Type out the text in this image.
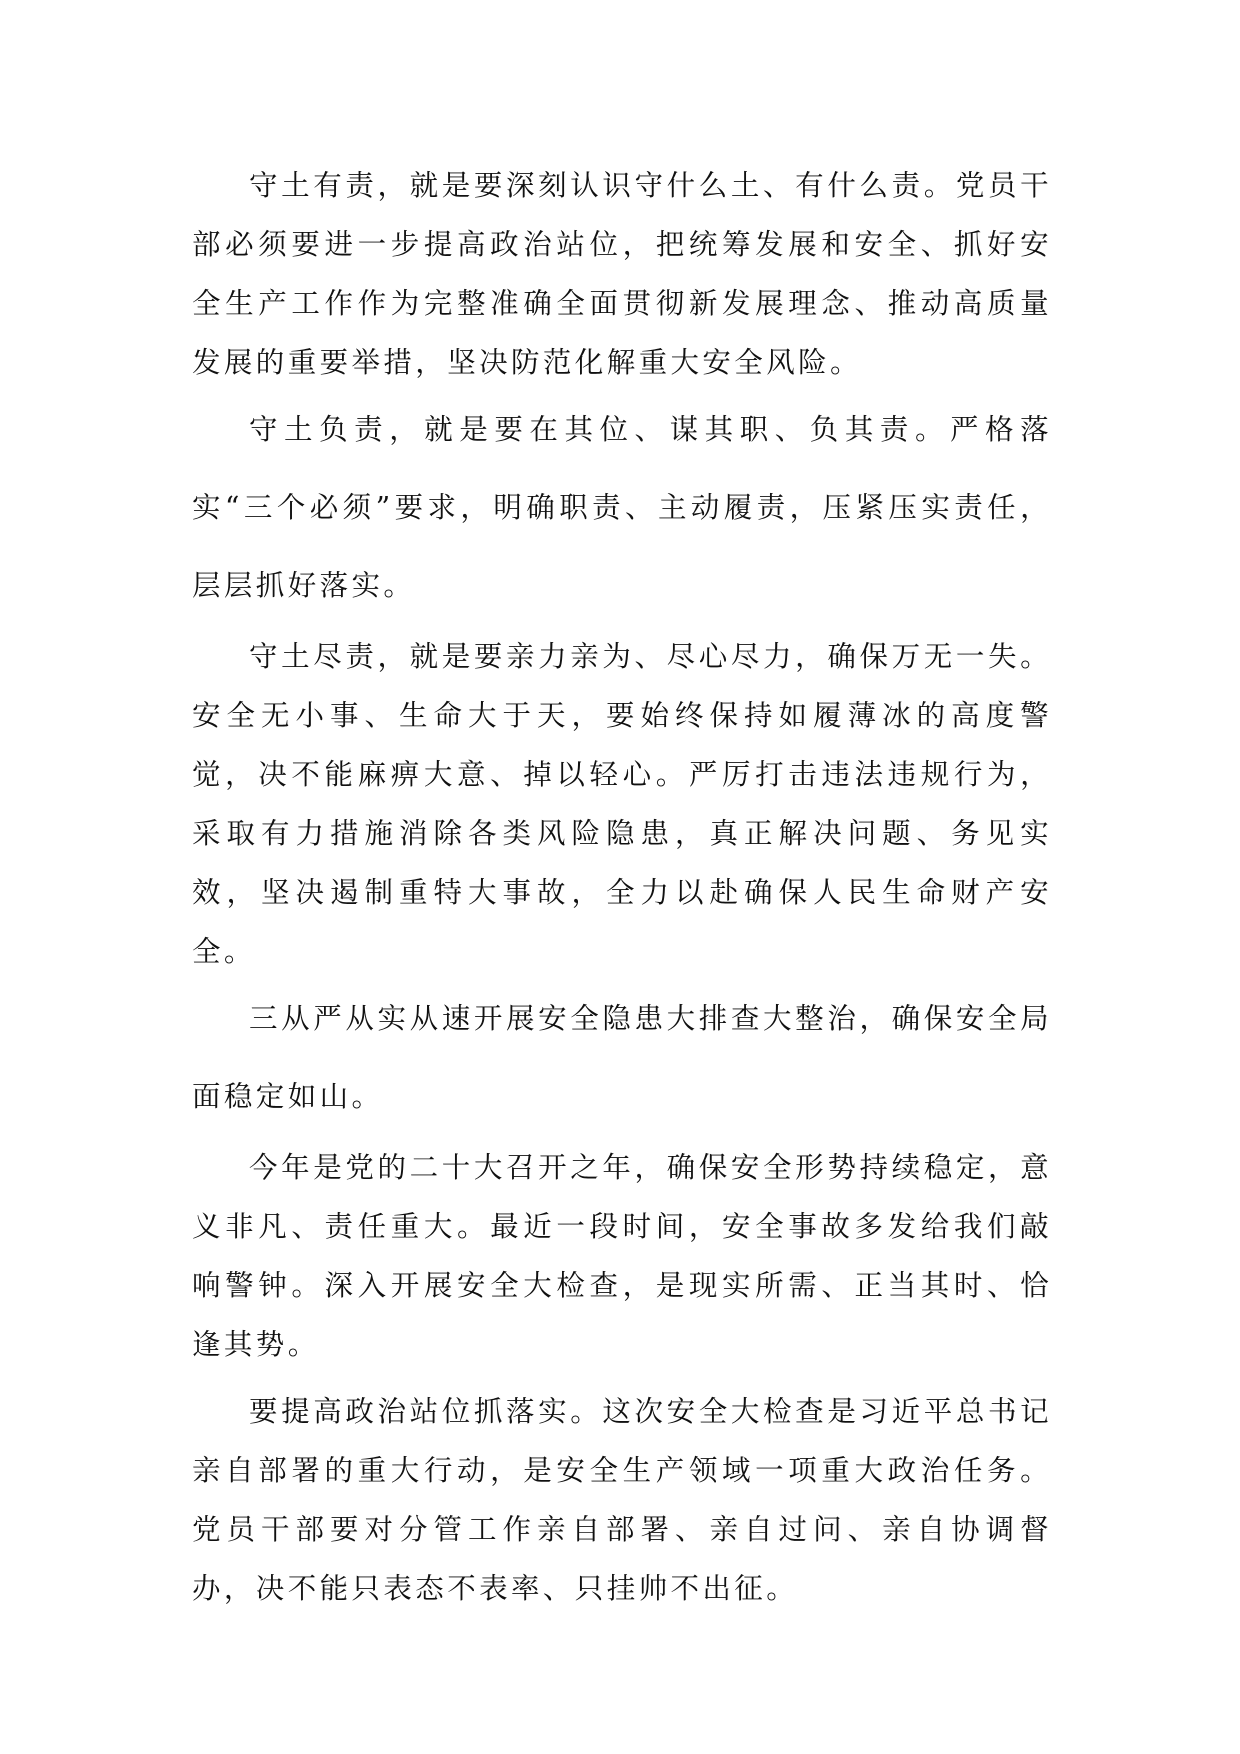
守土有责，就是要深刻认识守什么土、有什么责。党员干部必须要进一步提高政治站位，把统筹发展和安全、抓好安全生产工作作为完整准确全面贯彻新发展理念、推动高质量发展的重要举措，坚决防范化解重大安全风险。

守土负责，就是要在其位、谋其职、负其责。严格落实“三个必须”要求，明确职责、主动履责，压紧压实责任，层层抓好落实。

守土尽责，就是要亲力亲为、尽心尽力，确保万无一失。安全无小事、生命大于天，要始终保持如履薄冰的高度警觉，决不能麻痹大意、掉以轻心。严厉打击违法违规行为，采取有力措施消除各类风险隐患，真正解决问题、务见实效，坚决遏制重特大事故，全力以赴确保人民生命财产安全。

三从严从实从速开展安全隐患大排查大整治，确保安全局面稳定如山。

今年是党的二十大召开之年，确保安全形势持续稳定，意义非凡、责任重大。最近一段时间，安全事故多发给我们敲响警钟。深入开展安全大检查，是现实所需、正当其时、恰逢其势。

要提高政治站位抓落实。这次安全大检查是习近平总书记亲自部署的重大行动，是安全生产领域一项重大政治任务。党员干部要对分管工作亲自部署、亲自过问、亲自协调督办，决不能只表态不表率、只挂帅不出征。
